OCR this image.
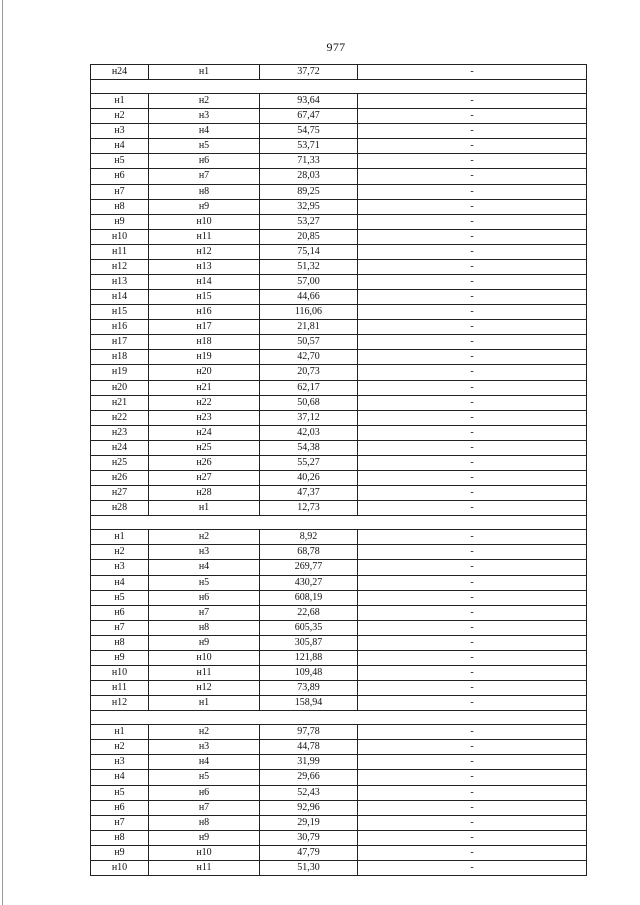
977
н24	н1	37,72	-
н1	н2	93,64	-
н2	н3	67,47	-
н3	н4	54,75	-
н4	н5	53,71	-
н5	н6	71,33	-
н6	н7	28,03	-
н7	н8	89,25	-
н8	н9	32,95	-
н9	н10	53,27	-
н10	н11	20,85	-
н11	н12	75,14	-
н12	н13	51,32	-
н13	н14	57,00	-
н14	н15	44,66	-
н15	н16	116,06	-
н16	н17	21,81	-
н17	н18	50,57	-
н18	н19	42,70	-
н19	н20	20,73	-
н20	н21	62,17	-
н21	н22	50,68	-
н22	н23	37,12	-
н23	н24	42,03	-
н24	н25	54,38	-
н25	н26	55,27	-
н26	н27	40,26	-
н27	н28	47,37	-
н28	н1	12,73	-
н1	н2	8,92	-
н2	н3	68,78	-
н3	н4	269,77	-
н4	н5	430,27	-
н5	н6	608,19	-
н6	н7	22,68	-
н7	н8	605,35	-
н8	н9	305,87	-
н9	н10	121,88	-
н10	н11	109,48	-
н11	н12	73,89	-
н12	н1	158,94	-
н1	н2	97,78	-
н2	н3	44,78	-
н3	н4	31,99	-
н4	н5	29,66	-
н5	н6	52,43	-
н6	н7	92,96	-
н7	н8	29,19	-
н8	н9	30,79	-
н9	н10	47,79	-
н10	н11	51,30	-
